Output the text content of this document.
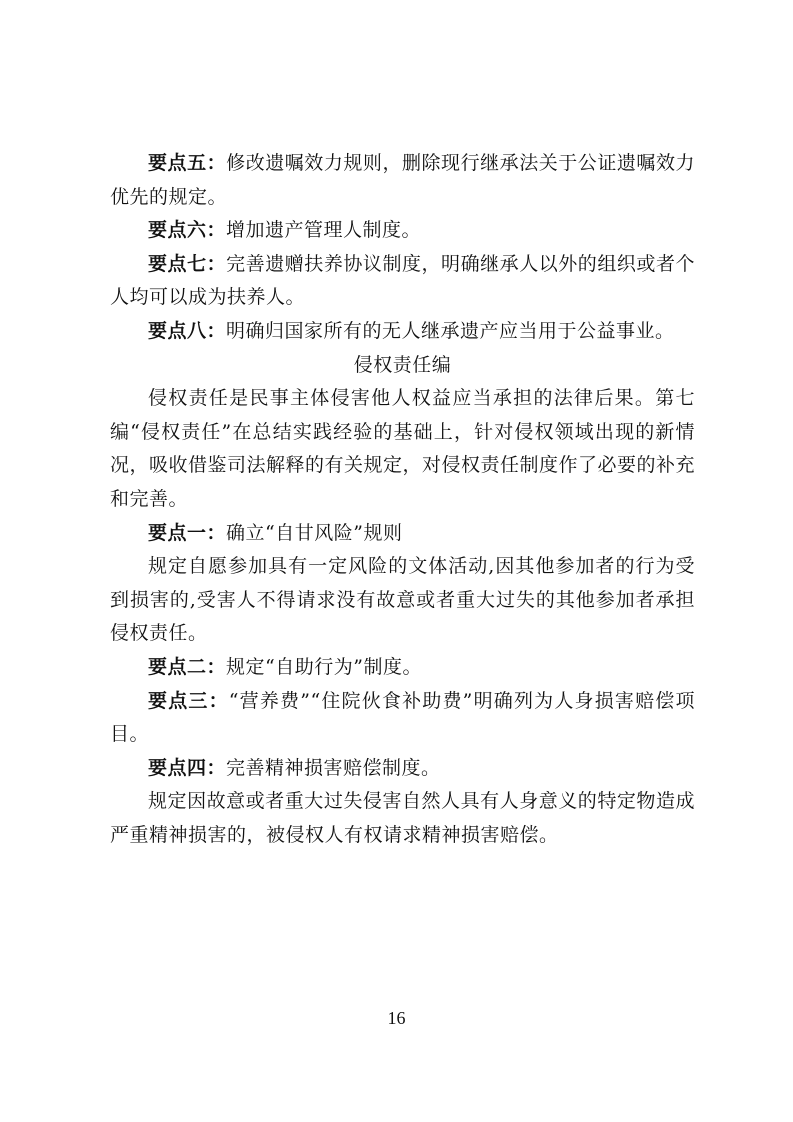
要点五：修改遗嘱效力规则，删除现行继承法关于公证遗嘱效力优先的规定。

要点六：增加遗产管理人制度。

要点七：完善遗赠扶养协议制度，明确继承人以外的组织或者个人均可以成为扶养人。

要点八：明确归国家所有的无人继承遗产应当用于公益事业。

侵权责任编

侵权责任是民事主体侵害他人权益应当承担的法律后果。第七编“侵权责任”在总结实践经验的基础上，针对侵权领域出现的新情况，吸收借鉴司法解释的有关规定，对侵权责任制度作了必要的补充和完善。

要点一：确立“自甘风险”规则

规定自愿参加具有一定风险的文体活动,因其他参加者的行为受到损害的,受害人不得请求没有故意或者重大过失的其他参加者承担侵权责任。

要点二：规定“自助行为”制度。

要点三：“营养费”“住院伙食补助费”明确列为人身损害赔偿项目。

要点四：完善精神损害赔偿制度。

规定因故意或者重大过失侵害自然人具有人身意义的特定物造成严重精神损害的，被侵权人有权请求精神损害赔偿。

16
